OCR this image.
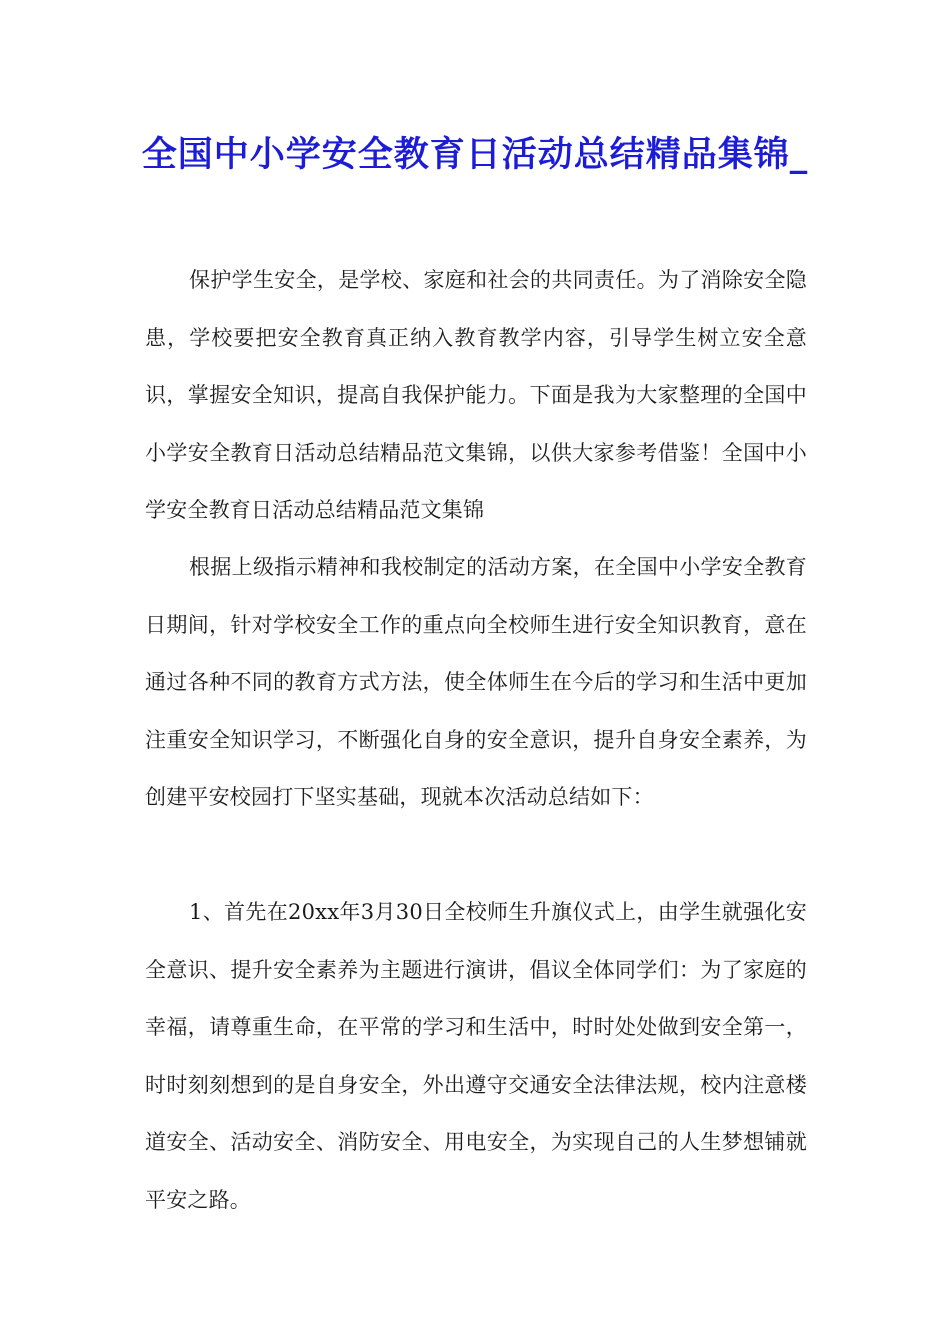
全国中小学安全教育日活动总结精品集锦_

保护学生安全，是学校、家庭和社会的共同责任。为了消除安全隐患，学校要把安全教育真正纳入教育教学内容，引导学生树立安全意识，掌握安全知识，提高自我保护能力。下面是我为大家整理的全国中小学安全教育日活动总结精品范文集锦，以供大家参考借鉴！全国中小学安全教育日活动总结精品范文集锦

根据上级指示精神和我校制定的活动方案，在全国中小学安全教育日期间，针对学校安全工作的重点向全校师生进行安全知识教育，意在通过各种不同的教育方式方法，使全体师生在今后的学习和生活中更加注重安全知识学习，不断强化自身的安全意识，提升自身安全素养，为创建平安校园打下坚实基础，现就本次活动总结如下：

1、首先在20xx年3月30日全校师生升旗仪式上，由学生就强化安全意识、提升安全素养为主题进行演讲，倡议全体同学们：为了家庭的幸福，请尊重生命，在平常的学习和生活中，时时处处做到安全第一，时时刻刻想到的是自身安全，外出遵守交通安全法律法规，校内注意楼道安全、活动安全、消防安全、用电安全，为实现自己的人生梦想铺就平安之路。
